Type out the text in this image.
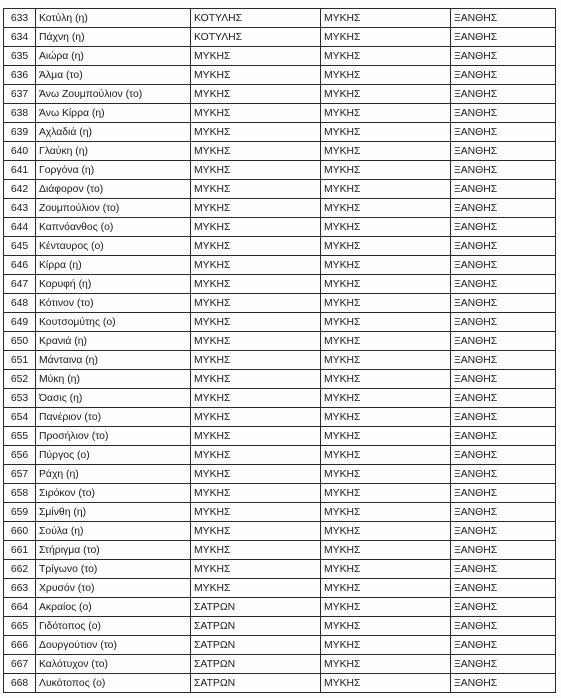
633	Κοτύλη (η)	ΚΟΤΥΛΗΣ	ΜΥΚΗΣ	ΞΑΝΘΗΣ
634	Πάχνη (η)	ΚΟΤΥΛΗΣ	ΜΥΚΗΣ	ΞΑΝΘΗΣ
635	Αιώρα (η)	ΜΥΚΗΣ	ΜΥΚΗΣ	ΞΑΝΘΗΣ
636	Άλμα (το)	ΜΥΚΗΣ	ΜΥΚΗΣ	ΞΑΝΘΗΣ
637	Άνω Ζουμπούλιον (το)	ΜΥΚΗΣ	ΜΥΚΗΣ	ΞΑΝΘΗΣ
638	Άνω Κίρρα (η)	ΜΥΚΗΣ	ΜΥΚΗΣ	ΞΑΝΘΗΣ
639	Αχλαδιά (η)	ΜΥΚΗΣ	ΜΥΚΗΣ	ΞΑΝΘΗΣ
640	Γλαύκη (η)	ΜΥΚΗΣ	ΜΥΚΗΣ	ΞΑΝΘΗΣ
641	Γοργόνα (η)	ΜΥΚΗΣ	ΜΥΚΗΣ	ΞΑΝΘΗΣ
642	Διάφορον (το)	ΜΥΚΗΣ	ΜΥΚΗΣ	ΞΑΝΘΗΣ
643	Ζουμπούλιον (το)	ΜΥΚΗΣ	ΜΥΚΗΣ	ΞΑΝΘΗΣ
644	Καπνόανθος (ο)	ΜΥΚΗΣ	ΜΥΚΗΣ	ΞΑΝΘΗΣ
645	Κένταυρος (ο)	ΜΥΚΗΣ	ΜΥΚΗΣ	ΞΑΝΘΗΣ
646	Κίρρα (η)	ΜΥΚΗΣ	ΜΥΚΗΣ	ΞΑΝΘΗΣ
647	Κορυφή (η)	ΜΥΚΗΣ	ΜΥΚΗΣ	ΞΑΝΘΗΣ
648	Κότινον (το)	ΜΥΚΗΣ	ΜΥΚΗΣ	ΞΑΝΘΗΣ
649	Κουτσομύτης (ο)	ΜΥΚΗΣ	ΜΥΚΗΣ	ΞΑΝΘΗΣ
650	Κρανιά (η)	ΜΥΚΗΣ	ΜΥΚΗΣ	ΞΑΝΘΗΣ
651	Μάνταινα (η)	ΜΥΚΗΣ	ΜΥΚΗΣ	ΞΑΝΘΗΣ
652	Μύκη (η)	ΜΥΚΗΣ	ΜΥΚΗΣ	ΞΑΝΘΗΣ
653	Όασις (η)	ΜΥΚΗΣ	ΜΥΚΗΣ	ΞΑΝΘΗΣ
654	Πανέριον (το)	ΜΥΚΗΣ	ΜΥΚΗΣ	ΞΑΝΘΗΣ
655	Προσήλιον (το)	ΜΥΚΗΣ	ΜΥΚΗΣ	ΞΑΝΘΗΣ
656	Πύργος (ο)	ΜΥΚΗΣ	ΜΥΚΗΣ	ΞΑΝΘΗΣ
657	Ράχη (η)	ΜΥΚΗΣ	ΜΥΚΗΣ	ΞΑΝΘΗΣ
658	Σιρόκον (το)	ΜΥΚΗΣ	ΜΥΚΗΣ	ΞΑΝΘΗΣ
659	Σμίνθη (η)	ΜΥΚΗΣ	ΜΥΚΗΣ	ΞΑΝΘΗΣ
660	Σούλα (η)	ΜΥΚΗΣ	ΜΥΚΗΣ	ΞΑΝΘΗΣ
661	Στήριγμα (το)	ΜΥΚΗΣ	ΜΥΚΗΣ	ΞΑΝΘΗΣ
662	Τρίγωνο (το)	ΜΥΚΗΣ	ΜΥΚΗΣ	ΞΑΝΘΗΣ
663	Χρυσόν (το)	ΜΥΚΗΣ	ΜΥΚΗΣ	ΞΑΝΘΗΣ
664	Ακραίος (ο)	ΣΑΤΡΩΝ	ΜΥΚΗΣ	ΞΑΝΘΗΣ
665	Γιδότοπος (ο)	ΣΑΤΡΩΝ	ΜΥΚΗΣ	ΞΑΝΘΗΣ
666	Δουργούτιον (το)	ΣΑΤΡΩΝ	ΜΥΚΗΣ	ΞΑΝΘΗΣ
667	Καλότυχον (το)	ΣΑΤΡΩΝ	ΜΥΚΗΣ	ΞΑΝΘΗΣ
668	Λυκότοπος (ο)	ΣΑΤΡΩΝ	ΜΥΚΗΣ	ΞΑΝΘΗΣ
